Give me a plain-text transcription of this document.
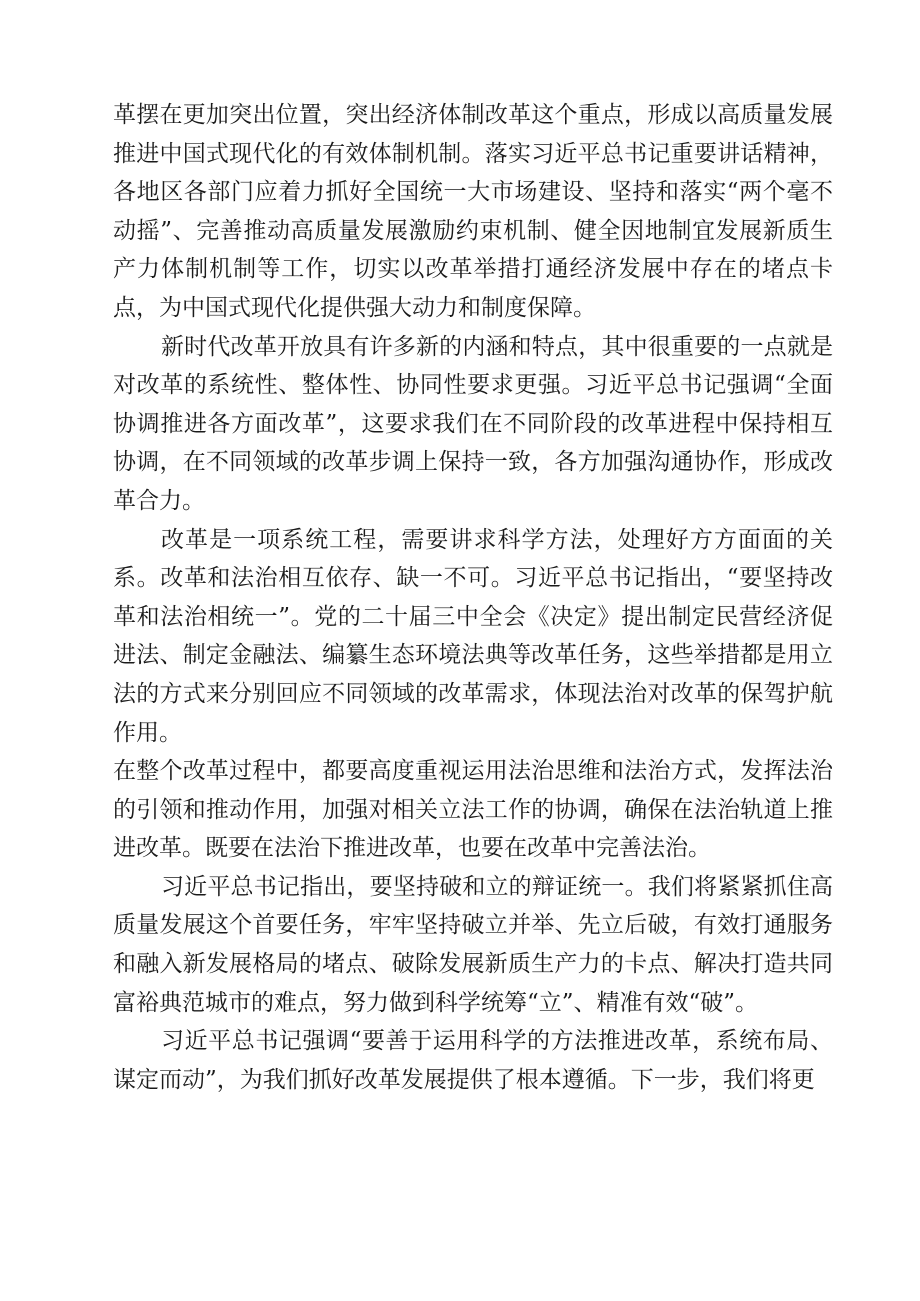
革摆在更加突出位置，突出经济体制改革这个重点，形成以高质量发展推进中国式现代化的有效体制机制。落实习近平总书记重要讲话精神，各地区各部门应着力抓好全国统一大市场建设、坚持和落实“两个毫不动摇”、完善推动高质量发展激励约束机制、健全因地制宜发展新质生产力体制机制等工作，切实以改革举措打通经济发展中存在的堵点卡点，为中国式现代化提供强大动力和制度保障。

新时代改革开放具有许多新的内涵和特点，其中很重要的一点就是对改革的系统性、整体性、协同性要求更强。习近平总书记强调“全面协调推进各方面改革”，这要求我们在不同阶段的改革进程中保持相互协调，在不同领域的改革步调上保持一致，各方加强沟通协作，形成改革合力。

改革是一项系统工程，需要讲求科学方法，处理好方方面面的关系。改革和法治相互依存、缺一不可。习近平总书记指出，“要坚持改革和法治相统一”。党的二十届三中全会《决定》提出制定民营经济促进法、制定金融法、编纂生态环境法典等改革任务，这些举措都是用立法的方式来分别回应不同领域的改革需求，体现法治对改革的保驾护航作用。

在整个改革过程中，都要高度重视运用法治思维和法治方式，发挥法治的引领和推动作用，加强对相关立法工作的协调，确保在法治轨道上推进改革。既要在法治下推进改革，也要在改革中完善法治。

习近平总书记指出，要坚持破和立的辩证统一。我们将紧紧抓住高质量发展这个首要任务，牢牢坚持破立并举、先立后破，有效打通服务和融入新发展格局的堵点、破除发展新质生产力的卡点、解决打造共同富裕典范城市的难点，努力做到科学统筹“立”、精准有效“破”。

习近平总书记强调“要善于运用科学的方法推进改革，系统布局、谋定而动”，为我们抓好改革发展提供了根本遵循。下一步，我们将更
